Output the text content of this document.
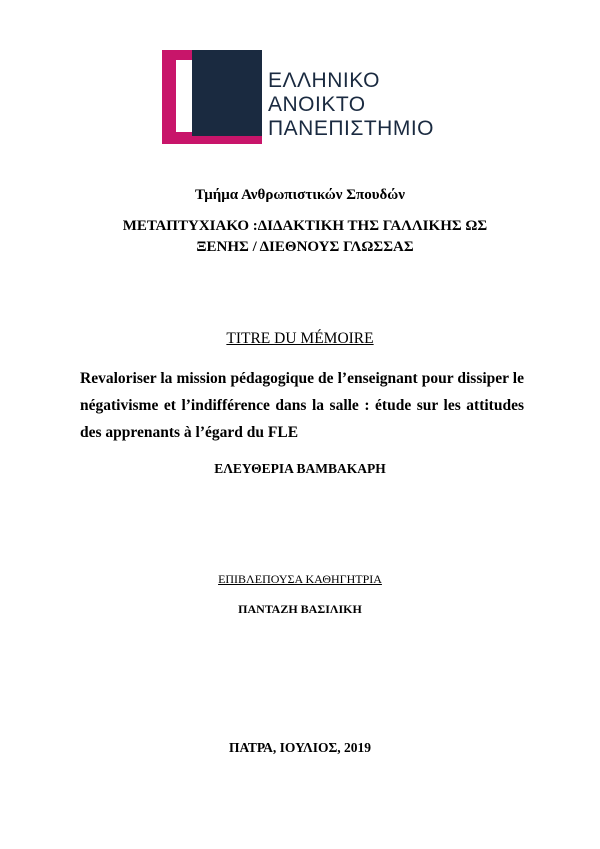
ΕΛΛΗΝΙΚΟ
ΑΝΟΙΚΤΟ
ΠΑΝΕΠΙΣΤΗΜΙΟ
Τμήμα Ανθρωπιστικών Σπουδών
ΜΕΤΑΠΤΥΧΙΑΚΟ :ΔΙΔΑΚΤΙΚΗ ΤΗΣ ΓΑΛΛΙΚΗΣ ΩΣ ΞΕΝΗΣ / ΔΙΕΘΝΟΥΣ ΓΛΩΣΣΑΣ
TITRE DU MÉMOIRE
Revaloriser la mission pédagogique de l’enseignant pour dissiper le négativisme et l’indifférence dans la salle : étude sur les attitudes des apprenants à l’égard du FLE
ΕΛΕΥΘΕΡΙΑ ΒΑΜΒΑΚΑΡΗ
ΕΠΙΒΛΕΠΟΥΣΑ ΚΑΘΗΓΗΤΡΙΑ
ΠΑΝΤΑΖΗ ΒΑΣΙΛΙΚΗ
ΠΑΤΡΑ, ΙΟΥΛΙΟΣ, 2019
